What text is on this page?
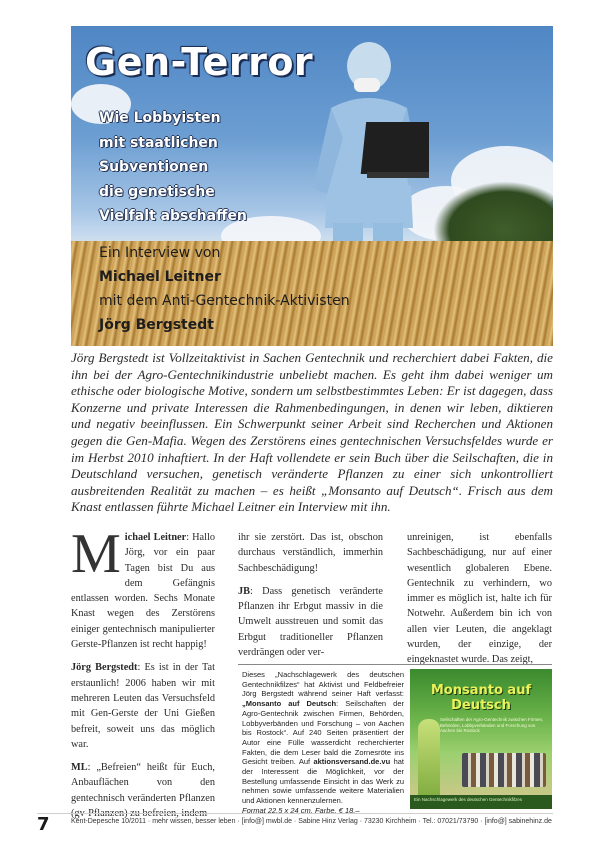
Gen-Terror
Wie Lobbyisten
mit staatlichen
Subventionen
die genetische
Vielfalt abschaffen
Ein Interview von
Michael Leitner
mit dem Anti-Gentechnik-Aktivisten
Jörg Bergstedt
Jörg Bergstedt ist Vollzeitaktivist in Sachen Gentechnik und recherchiert dabei Fakten, die ihn bei der Agro-Gentechnikindustrie unbeliebt machen. Es geht ihm dabei weniger um ethische oder biologische Motive, sondern um selbstbestimmtes Leben: Er ist dagegen, dass Konzerne und private Interessen die Rahmenbedingungen, in denen wir leben, diktieren und negativ beeinflussen. Ein Schwerpunkt seiner Arbeit sind Recherchen und Aktionen gegen die Gen-Mafia. Wegen des Zerstörens eines gentechnischen Versuchsfeldes wurde er im Herbst 2010 inhaftiert. In der Haft vollendete er sein Buch über die Seilschaften, die in Deutschland versuchen, genetisch veränderte Pflanzen zu einer sich unkontrolliert ausbreitenden Realität zu machen – es heißt „Monsanto auf Deutsch“. Frisch aus dem Knast entlassen führte Michael Leitner ein Interview mit ihn.

Michael Leitner: Hallo Jörg, vor ein paar Tagen bist Du aus dem Gefängnis entlassen worden. Sechs Monate Knast wegen des Zerstörens einiger gentechnisch manipulierter Gerste-Pflanzen ist recht happig!

Jörg Bergstedt: Es ist in der Tat erstaunlich! 2006 haben wir mit mehreren Leuten das Versuchsfeld mit Gen-Gerste der Uni Gießen befreit, soweit uns das möglich war.

ML: „Befreien“ heißt für Euch, Anbauflächen von den gentechnisch veränderten Pflanzen (gv-Pflanzen) zu befreien, indem

ihr sie zerstört. Das ist, obschon durchaus verständlich, immerhin Sachbeschädigung!

JB: Dass genetisch veränderte Pflanzen ihr Erbgut massiv in die Umwelt ausstreuen und somit das Erbgut traditioneller Pflanzen verdrängen oder ver-

unreinigen, ist ebenfalls Sachbeschädigung, nur auf einer wesentlich globaleren Ebene. Gentechnik zu verhindern, wo immer es möglich ist, halte ich für Notwehr. Außerdem bin ich von allen vier Leuten, die angeklagt wurden, der einzige, der eingeknastet wurde. Das zeigt,

Dieses „Nachschlagewerk des deutschen Gentechnikfilzes“ hat Aktivist und Feldbefreier Jörg Bergstedt während seiner Haft verfasst: „Monsanto auf Deutsch: Seilschaften der Agro-Gentechnik zwischen Firmen, Behörden, Lobbyverbänden und Forschung – von Aachen bis Rostock“. Auf 240 Seiten präsentiert der Autor eine Fülle wasserdicht recherchierter Fakten, die dem Leser bald die Zornesröte ins Gesicht treiben. Auf aktionsversand.de.vu hat der Interessent die Möglichkeit, vor der Bestellung umfassende Einsicht in das Werk zu nehmen sowie umfassende weitere Materialien und Aktionen kennenzulernen.
Format 22,5 x 24 cm, Farbe, € 18,–
Monsanto auf Deutsch
Seilschaften der Agro-Gentechnik zwischen Firmen, Behörden, Lobbyverbänden und Forschung von Aachen bis Rostock
Ein Nachschlagewerk des deutschen Gentechnikfilzes
7	Kent-Depesche 10/2011 · mehr wissen, besser leben · [info@] mwbl.de · Sabine Hinz Verlag · 73230 Kirchheim · Tel.: 07021/73790 · [info@] sabinehinz.de
